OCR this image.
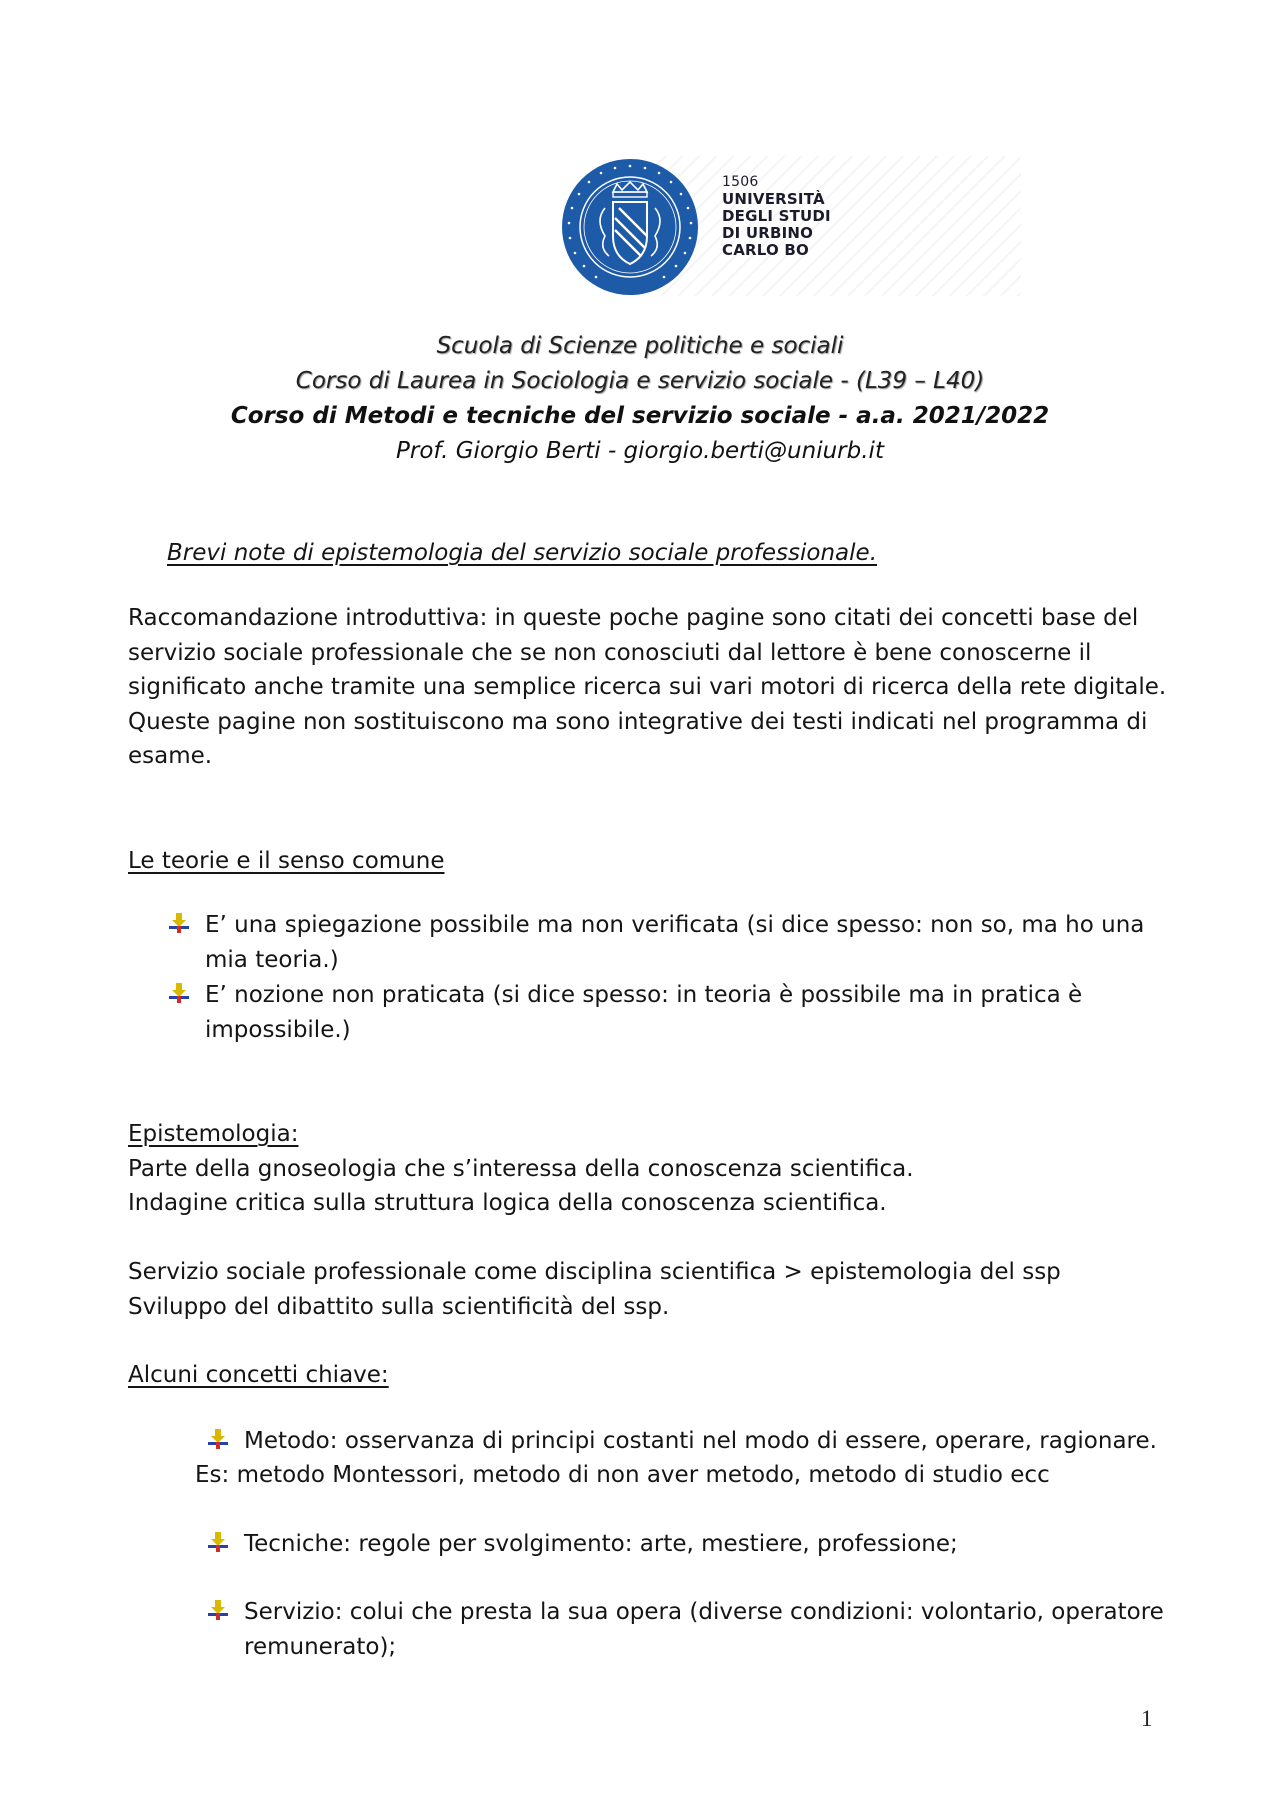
1506
UNIVERSITÀ
DEGLI STUDI
DI URBINO
CARLO BO
Scuola di Scienze politiche e sociali
Corso di Laurea in Sociologia e servizio sociale - (L39 – L40)
Corso di Metodi e tecniche del servizio sociale - a.a. 2021/2022
Prof. Giorgio Berti - giorgio.berti@uniurb.it
Brevi note di epistemologia del servizio sociale professionale.
Raccomandazione introduttiva: in queste poche pagine sono citati dei concetti base del
servizio sociale professionale che se non conosciuti dal lettore è bene conoscerne il
significato anche tramite una semplice ricerca sui vari motori di ricerca della rete digitale.
Queste pagine non sostituiscono ma sono integrative dei testi indicati nel programma di
esame.
Le teorie e il senso comune
E’ una spiegazione possibile ma non verificata (si dice spesso: non so, ma ho una
mia teoria.)
E’ nozione non praticata (si dice spesso: in teoria è possibile ma in pratica è
impossibile.)
Epistemologia:
Parte della gnoseologia che s’interessa della conoscenza scientifica.
Indagine critica sulla struttura logica della conoscenza scientifica.
Servizio sociale professionale come disciplina scientifica > epistemologia del ssp
Sviluppo del dibattito sulla scientificità del ssp.
Alcuni concetti chiave:
Metodo: osservanza di principi costanti nel modo di essere, operare, ragionare.
Es: metodo Montessori, metodo di non aver metodo, metodo di studio ecc
Tecniche: regole per svolgimento: arte, mestiere, professione;
Servizio: colui che presta la sua opera (diverse condizioni: volontario, operatore
remunerato);
1
